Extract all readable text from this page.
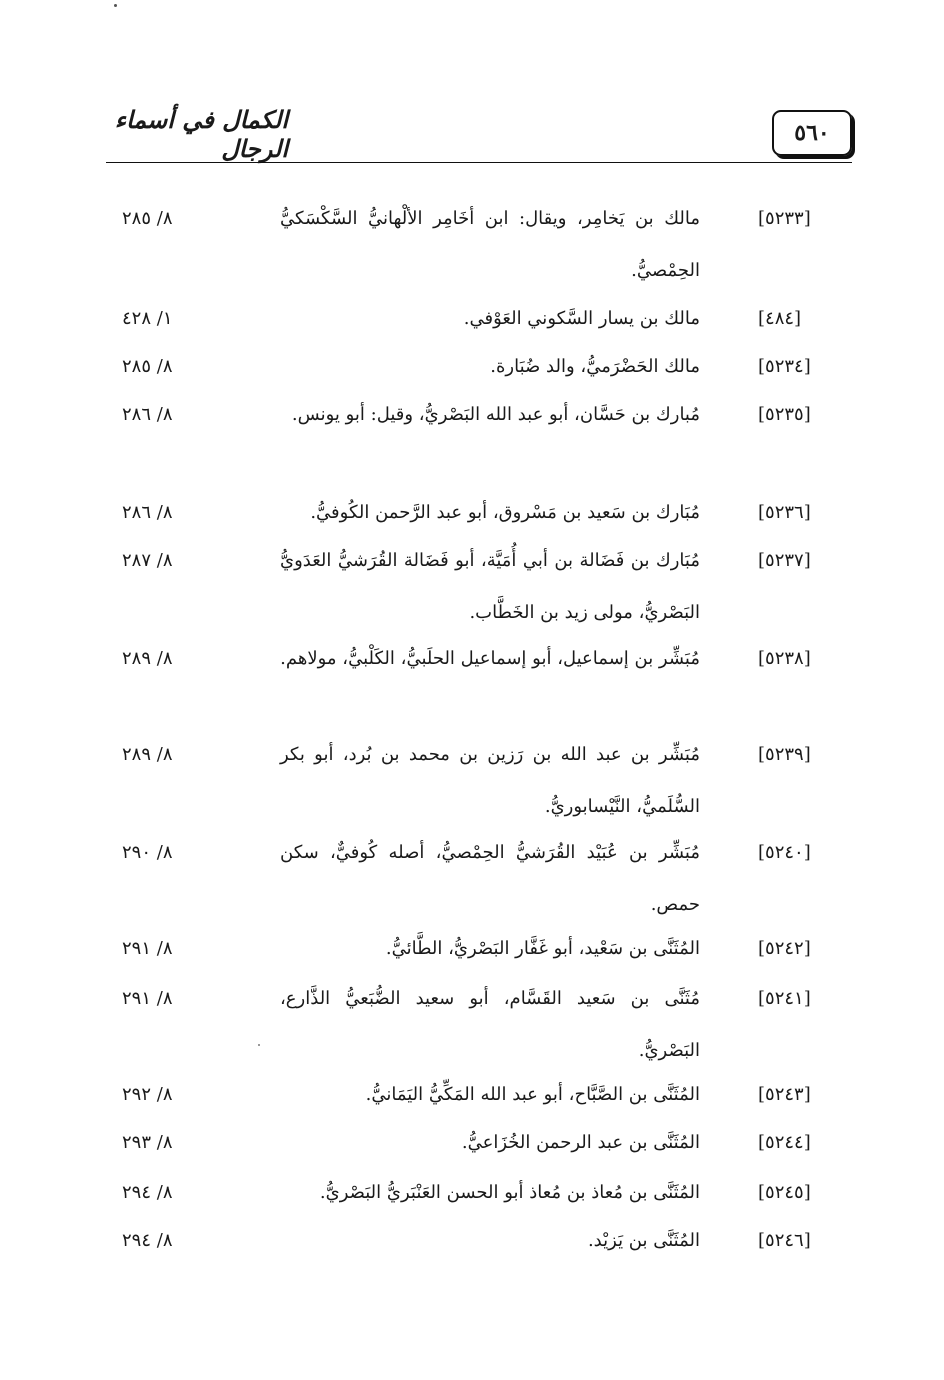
الكمال في أسماء الرجال
٥٦٠
[٥٢٣٣]
مالك بن يَخامِر، ويقال: ابن أخَامِر الألْهانيُّ السَّكْسَكيُّ الحِمْصيُّ.
٨/ ٢٨٥
[٤٨٤]
مالك بن يسار السَّكوني العَوْفي.
١/ ٤٢٨
[٥٢٣٤]
مالك الحَضْرَميُّ، والد ضُبَارة.
٨/ ٢٨٥
[٥٢٣٥]
مُبارك بن حَسَّان، أبو عبد الله البَصْريُّ، وقيل: أبو يونس.
٨/ ٢٨٦
[٥٢٣٦]
مُبَارك بن سَعيد بن مَسْروق، أبو عبد الرَّحمن الكُوفيُّ.
٨/ ٢٨٦
[٥٢٣٧]
مُبَارك بن فَضَالة بن أبي أُمَيَّة، أبو فَضَالة القُرَشيُّ العَدَويُّ البَصْريُّ، مولى زيد بن الخَطَّاب.
٨/ ٢٨٧
[٥٢٣٨]
مُبَشِّر بن إسماعيل، أبو إسماعيل الحلَبيُّ، الكَلْبيُّ، مولاهم.
٨/ ٢٨٩
[٥٢٣٩]
مُبَشِّر بن عبد الله بن رَزين بن محمد بن بُرد، أبو بكر السُّلَميُّ، النَّيْسابوريُّ.
٨/ ٢٨٩
[٥٢٤٠]
مُبَشِّر بن عُبَيْد القُرَشيُّ الحِمْصيُّ، أصله كُوفيٌّ، سكن حمص.
٨/ ٢٩٠
[٥٢٤٢]
المُثَنَّى بن سَعْيد، أبو غَفَّار البَصْريُّ، الطَّائيُّ.
٨/ ٢٩١
[٥٢٤١]
مُثَنَّى بن سَعيد القَسَّام، أبو سعيد الضُّبَعيُّ الذَّارع، البَصْريُّ.
٨/ ٢٩١
[٥٢٤٣]
المُثَنَّى بن الصَّبَّاح، أبو عبد الله المَكِّيُّ اليَمَانيُّ.
٨/ ٢٩٢
[٥٢٤٤]
المُثَنَّى بن عبد الرحمن الخُزَاعيُّ.
٨/ ٢٩٣
[٥٢٤٥]
المُثَنَّى بن مُعاذ بن مُعاذ أبو الحسن العَنْبَريُّ البَصْريُّ.
٨/ ٢٩٤
[٥٢٤٦]
المُثَنَّى بن يَزيْد.
٨/ ٢٩٤
